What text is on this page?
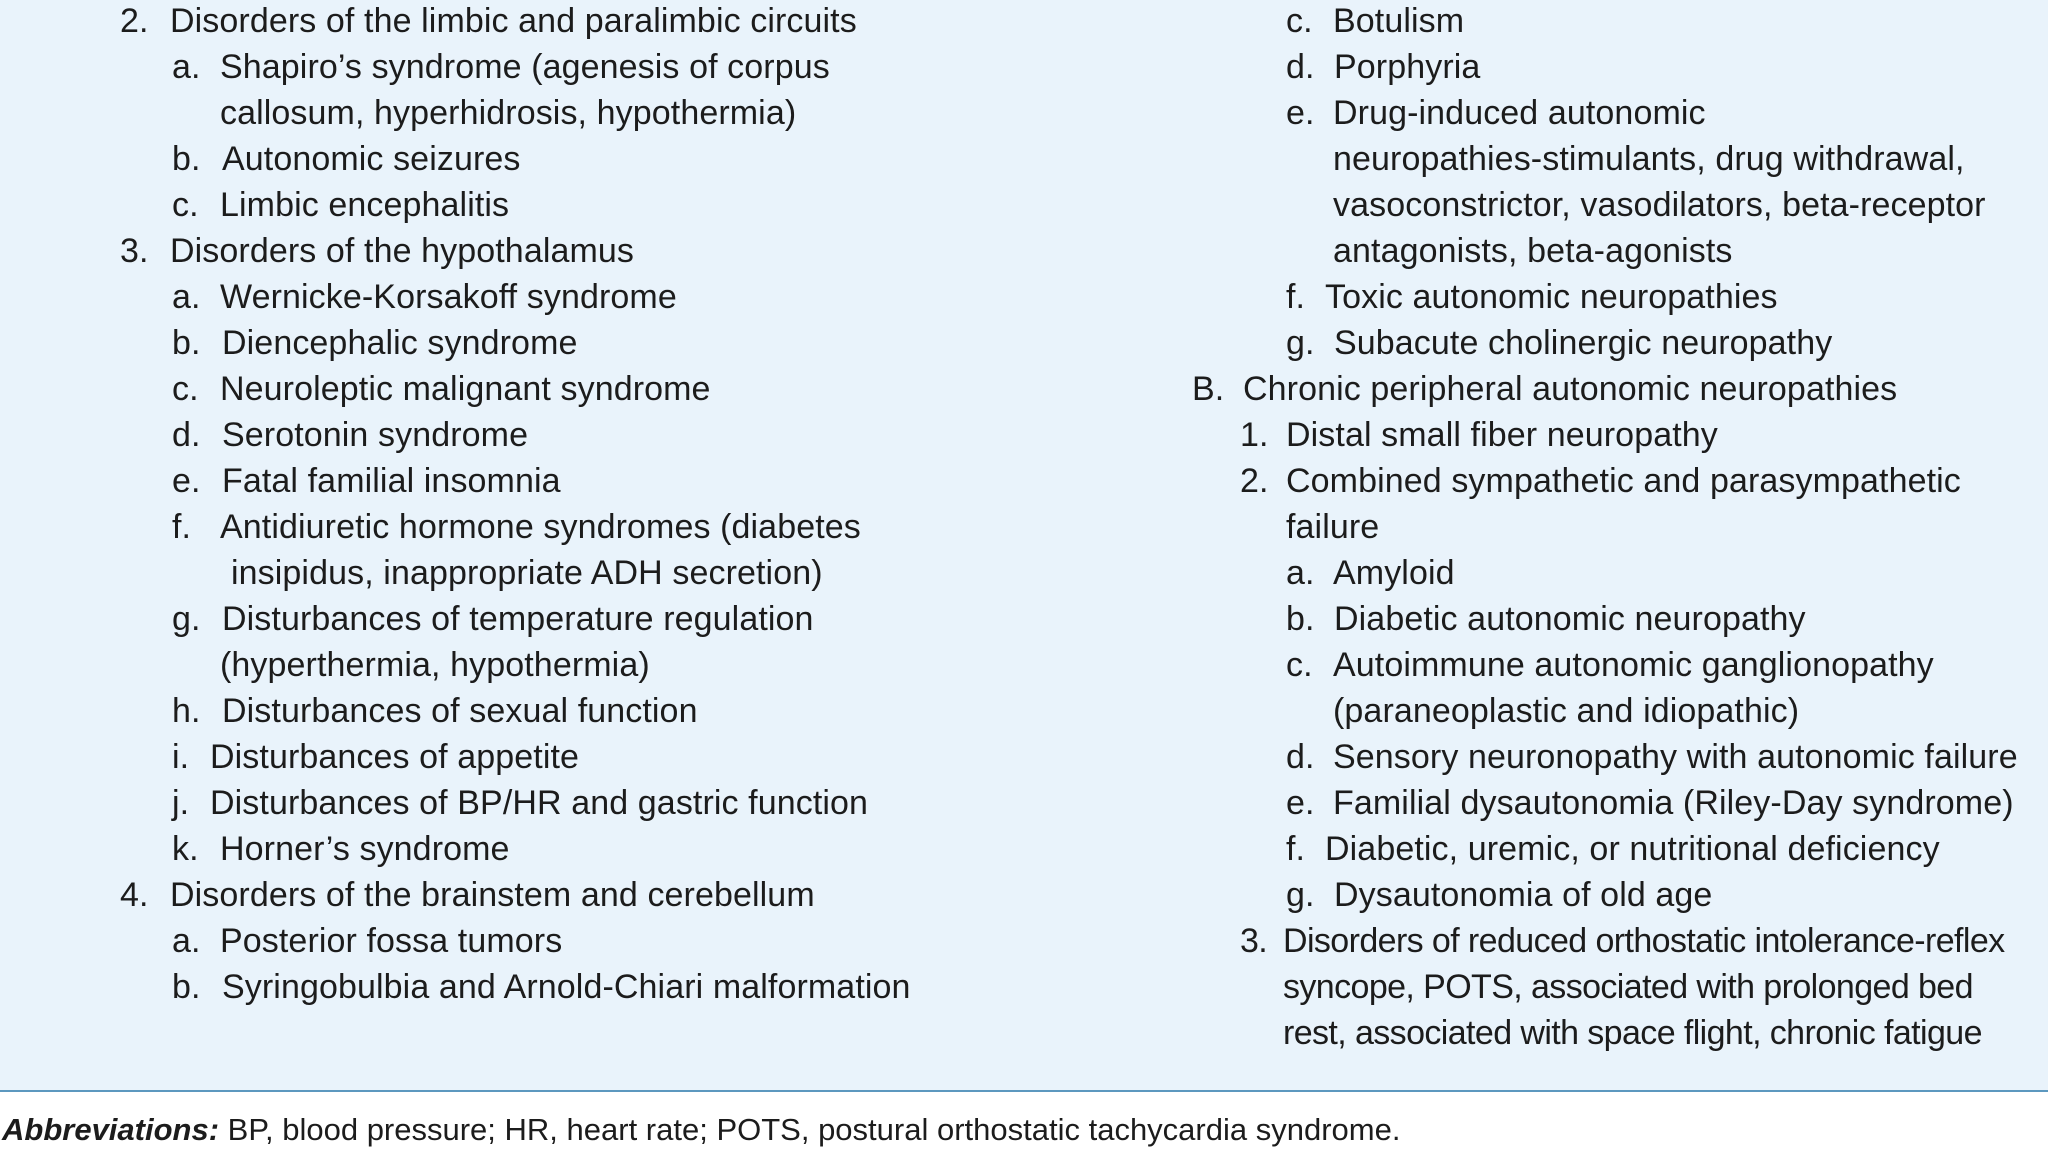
2. Disorders of the limbic and paralimbic circuits
a. Shapiro’s syndrome (agenesis of corpus
callosum, hyperhidrosis, hypothermia)
b. Autonomic seizures
c. Limbic encephalitis
3. Disorders of the hypothalamus
a. Wernicke-Korsakoff syndrome
b. Diencephalic syndrome
c. Neuroleptic malignant syndrome
d. Serotonin syndrome
e. Fatal familial insomnia
f. Antidiuretic hormone syndromes (diabetes
insipidus, inappropriate ADH secretion)
g. Disturbances of temperature regulation
(hyperthermia, hypothermia)
h. Disturbances of sexual function
i. Disturbances of appetite
j. Disturbances of BP/HR and gastric function
k. Horner’s syndrome
4. Disorders of the brainstem and cerebellum
a. Posterior fossa tumors
b. Syringobulbia and Arnold-Chiari malformation
c. Botulism
d. Porphyria
e. Drug-induced autonomic
neuropathies-stimulants, drug withdrawal,
vasoconstrictor, vasodilators, beta-receptor
antagonists, beta-agonists
f. Toxic autonomic neuropathies
g. Subacute cholinergic neuropathy
B. Chronic peripheral autonomic neuropathies
1. Distal small fiber neuropathy
2. Combined sympathetic and parasympathetic
failure
a. Amyloid
b. Diabetic autonomic neuropathy
c. Autoimmune autonomic ganglionopathy
(paraneoplastic and idiopathic)
d. Sensory neuronopathy with autonomic failure
e. Familial dysautonomia (Riley-Day syndrome)
f. Diabetic, uremic, or nutritional deficiency
g. Dysautonomia of old age
3. Disorders of reduced orthostatic intolerance-reflex
syncope, POTS, associated with prolonged bed
rest, associated with space flight, chronic fatigue
Abbreviations: BP, blood pressure; HR, heart rate; POTS, postural orthostatic tachycardia syndrome.
